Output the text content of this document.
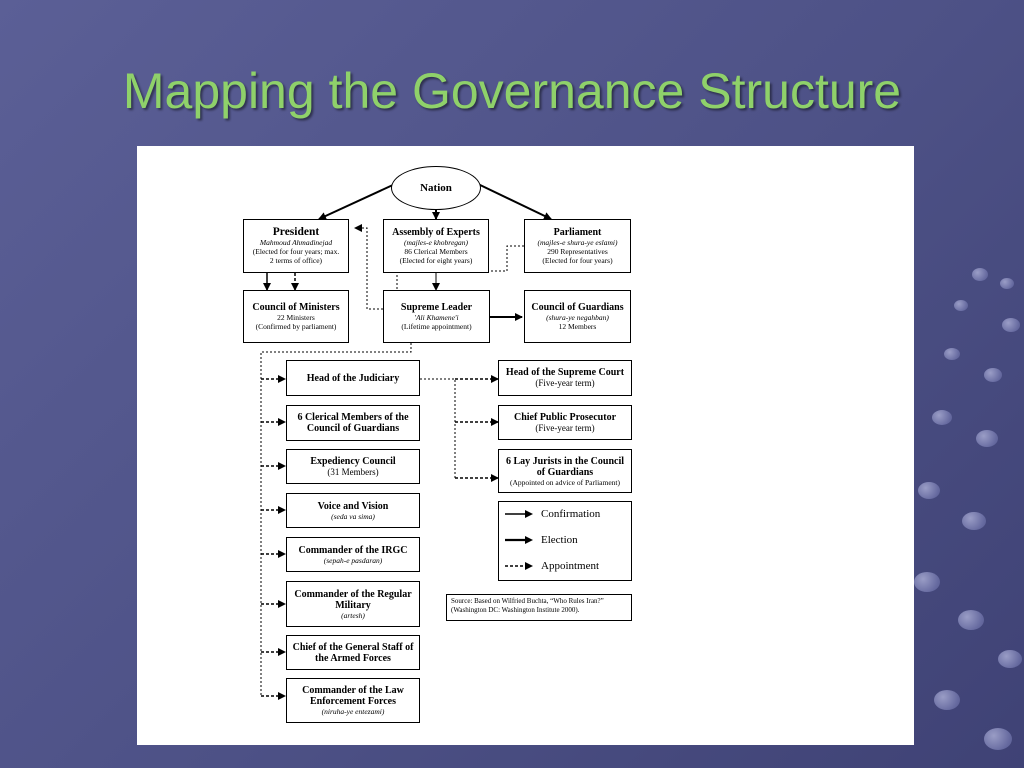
Mapping the Governance Structure
Nation
President
Mahmoud Ahmadinejad
(Elected for four years; max.
2 terms of office)
Assembly of Experts
(majles-e khobregan)
86 Clerical Members
(Elected for eight years)
Parliament
(majles-e shura-ye eslami)
290 Representatives
(Elected for four years)
Council of Ministers
22 Ministers
(Confirmed by parliament)
Supreme Leader
'Ali Khamene'i
(Lifetime appointment)
Council of Guardians
(shura-ye negahban)
12 Members
Head of the Judiciary
6 Clerical Members of the Council of Guardians
Expediency Council
(31 Members)
Voice and Vision
(seda va sima)
Commander of the IRGC
(sepah-e pasdaran)
Commander of the Regular Military
(artesh)
Chief of the General Staff of the Armed Forces
Commander of the Law Enforcement Forces
(niruha-ye entezami)
Head of the Supreme Court
(Five-year term)
Chief Public Prosecutor
(Five-year term)
6 Lay Jurists in the Council of Guardians
(Appointed on advice of Parliament)
Confirmation
Election
Appointment
Source: Based on Wilfried Buchta, “Who Rules Iran?” (Washington DC: Washington Institute 2000).
